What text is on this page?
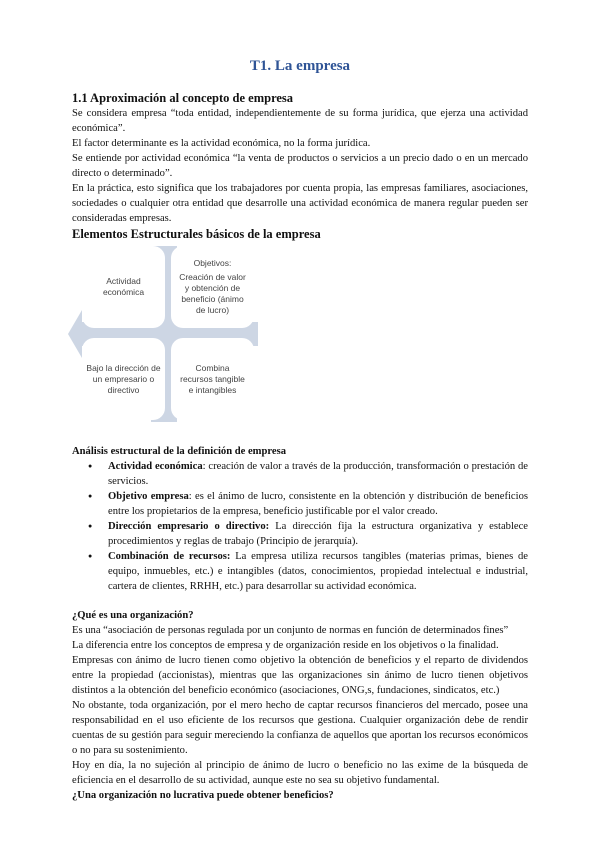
T1. La empresa
1.1 Aproximación al concepto de empresa

Se considera empresa “toda entidad, independientemente de su forma jurídica, que ejerza una actividad económica”.

El factor determinante es la actividad económica, no la forma jurídica.

Se entiende por actividad económica “la venta de productos o servicios a un precio dado o en un mercado directo o determinado”.

En la práctica, esto significa que los trabajadores por cuenta propia, las empresas familiares, asociaciones, sociedades o cualquier otra entidad que desarrolle una actividad económica de manera regular pueden ser consideradas empresas.

Elementos Estructurales básicos de la empresa
Actividad económica
Objetivos:
Creación de valor y obtención de beneficio (ánimo de lucro)
Bajo la dirección de un empresario o directivo
Combina recursos tangible e intangibles
Análisis estructural de la definición de empresa
● Actividad económica: creación de valor a través de la producción, transformación o prestación de servicios.
● Objetivo empresa: es el ánimo de lucro, consistente en la obtención y distribución de beneficios entre los propietarios de la empresa, beneficio justificable por el valor creado.
● Dirección empresario o directivo: La dirección fija la estructura organizativa y establece procedimientos y reglas de trabajo (Principio de jerarquía).
● Combinación de recursos: La empresa utiliza recursos tangibles (materias primas, bienes de equipo, inmuebles, etc.) e intangibles (datos, conocimientos, propiedad intelectual e industrial, cartera de clientes, RRHH, etc.) para desarrollar su actividad económica.
¿Qué es una organización?

Es una “asociación de personas regulada por un conjunto de normas en función de determinados fines”

La diferencia entre los conceptos de empresa y de organización reside en los objetivos o la finalidad.

Empresas con ánimo de lucro tienen como objetivo la obtención de beneficios y el reparto de dividendos entre la propiedad (accionistas), mientras que las organizaciones sin ánimo de lucro tienen objetivos distintos a la obtención del beneficio económico (asociaciones, ONG,s, fundaciones, sindicatos, etc.)

No obstante, toda organización, por el mero hecho de captar recursos financieros del mercado, posee una responsabilidad en el uso eficiente de los recursos que gestiona. Cualquier organización debe de rendir cuentas de su gestión para seguir mereciendo la confianza de aquellos que aportan los recursos económicos o no para su sostenimiento.

Hoy en día, la no sujeción al principio de ánimo de lucro o beneficio no las exime de la búsqueda de eficiencia en el desarrollo de su actividad, aunque este no sea su objetivo fundamental.

¿Una organización no lucrativa puede obtener beneficios?
